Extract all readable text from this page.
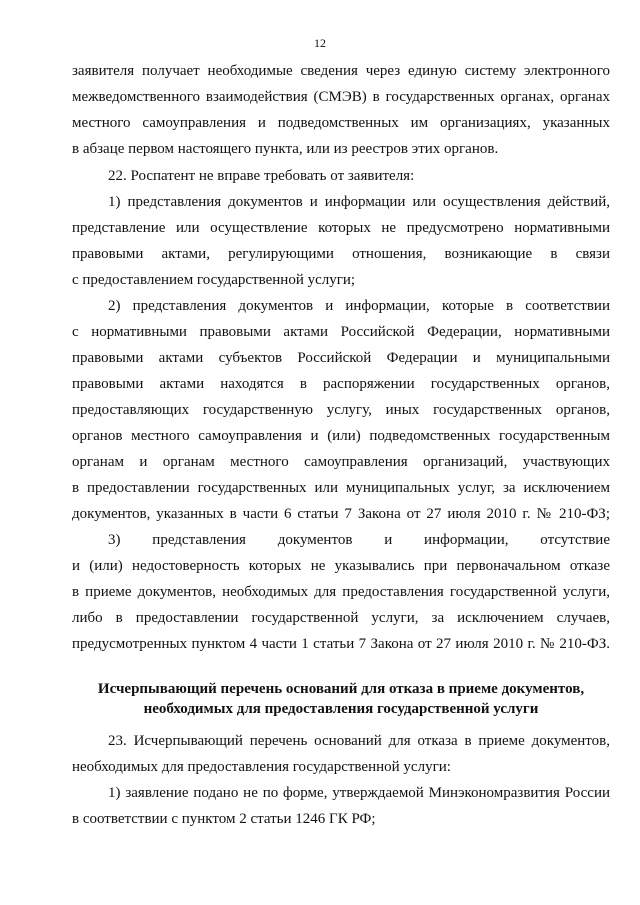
12
заявителя получает необходимые сведения через единую систему электронного
межведомственного взаимодействия (СМЭВ) в государственных органах, органах
местного самоуправления и подведомственных им организациях, указанных
в абзаце первом настоящего пункта, или из реестров этих органов.
22. Роспатент не вправе требовать от заявителя:
1) представления документов и информации или осуществления действий,
представление или осуществление которых не предусмотрено нормативными
правовыми актами, регулирующими отношения, возникающие в связи
с предоставлением государственной услуги;
2) представления документов и информации, которые в соответствии
с нормативными правовыми актами Российской Федерации, нормативными
правовыми актами субъектов Российской Федерации и муниципальными
правовыми актами находятся в распоряжении государственных органов,
предоставляющих государственную услугу, иных государственных органов,
органов местного самоуправления и (или) подведомственных государственным
органам и органам местного самоуправления организаций, участвующих
в предоставлении государственных или муниципальных услуг, за исключением
документов, указанных в части 6 статьи 7 Закона от 27 июля 2010 г. № 210-ФЗ;
3) представления документов и информации, отсутствие
и (или) недостоверность которых не указывались при первоначальном отказе
в приеме документов, необходимых для предоставления государственной услуги,
либо в предоставлении государственной услуги, за исключением случаев,
предусмотренных пунктом 4 части 1 статьи 7 Закона от 27 июля 2010 г. № 210-ФЗ.
Исчерпывающий перечень оснований для отказа в приеме документов,
необходимых для предоставления государственной услуги
23. Исчерпывающий перечень оснований для отказа в приеме документов,
необходимых для предоставления государственной услуги:
1) заявление подано не по форме, утверждаемой Минэкономразвития России
в соответствии с пунктом 2 статьи 1246 ГК РФ;
